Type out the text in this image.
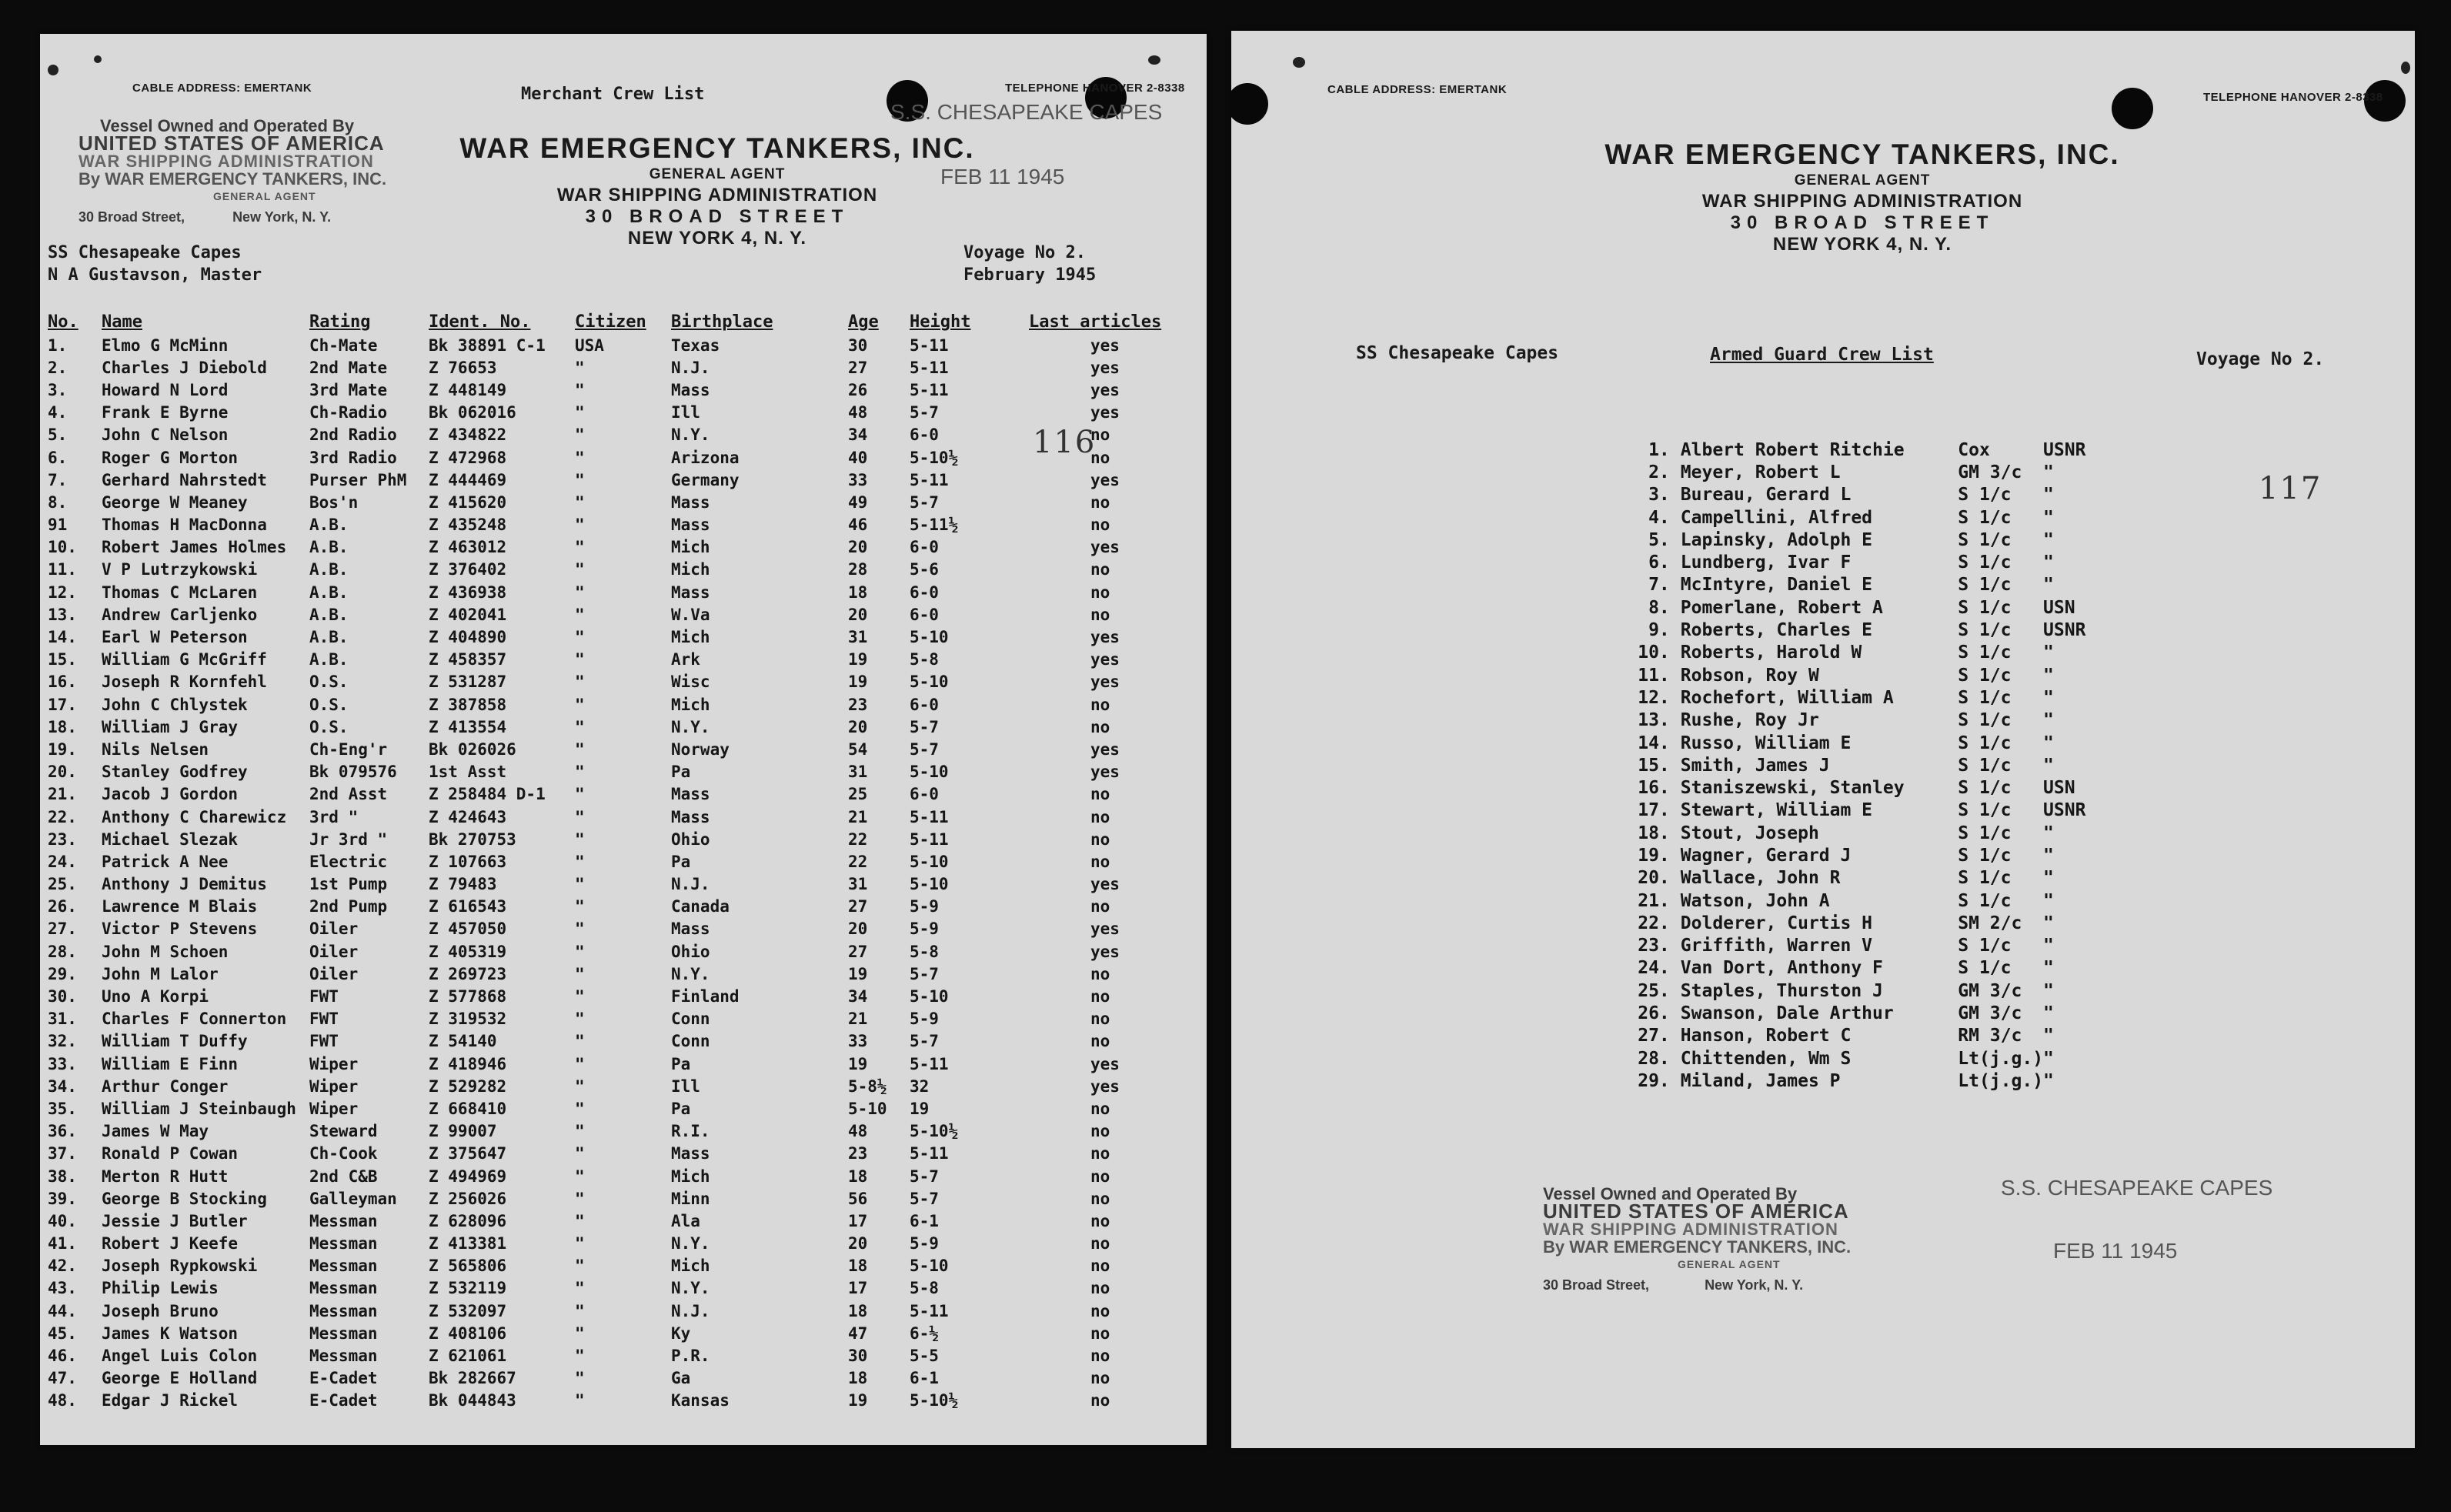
CABLE ADDRESS: EMERTANK	TELEPHONE HANOVER 2-8338
Merchant Crew List
Vessel Owned and Operated By
UNITED STATES OF AMERICA
WAR SHIPPING ADMINISTRATION
By WAR EMERGENCY TANKERS, INC.
GENERAL AGENT
30 Broad Street,	New York, N. Y.
WAR EMERGENCY TANKERS, INC.
GENERAL AGENT
WAR SHIPPING ADMINISTRATION
30 BROAD STREET
NEW YORK 4, N. Y.
S.S. CHESAPEAKE CAPES
FEB 11 1945
SS Chesapeake Capes
N A Gustavson, Master
Voyage No 2.
February 1945
116
No.	Name	Rating	Ident. No.	Citizen	Birthplace	Age	Height	Last articles
1.	Elmo G McMinn	Ch-Mate	Bk 38891 C-1	USA	Texas	30	5-11	yes
2.	Charles J Diebold	2nd Mate	Z 76653	"	N.J.	27	5-11	yes
3.	Howard N Lord	3rd Mate	Z 448149	"	Mass	26	5-11	yes
4.	Frank E Byrne	Ch-Radio	Bk 062016	"	Ill	48	5-7	yes
5.	John C Nelson	2nd Radio	Z 434822	"	N.Y.	34	6-0	no
6.	Roger G Morton	3rd Radio	Z 472968	"	Arizona	40	5-10½	no
7.	Gerhard Nahrstedt	Purser PhM	Z 444469	"	Germany	33	5-11	yes
8.	George W Meaney	Bos'n	Z 415620	"	Mass	49	5-7	no
91	Thomas H MacDonna	A.B.	Z 435248	"	Mass	46	5-11½	no
10.	Robert James Holmes	A.B.	Z 463012	"	Mich	20	6-0	yes
11.	V P Lutrzykowski	A.B.	Z 376402	"	Mich	28	5-6	no
12.	Thomas C McLaren	A.B.	Z 436938	"	Mass	18	6-0	no
13.	Andrew Carljenko	A.B.	Z 402041	"	W.Va	20	6-0	no
14.	Earl W Peterson	A.B.	Z 404890	"	Mich	31	5-10	yes
15.	William G McGriff	A.B.	Z 458357	"	Ark	19	5-8	yes
16.	Joseph R Kornfehl	O.S.	Z 531287	"	Wisc	19	5-10	yes
17.	John C Chlystek	O.S.	Z 387858	"	Mich	23	6-0	no
18.	William J Gray	O.S.	Z 413554	"	N.Y.	20	5-7	no
19.	Nils Nelsen	Ch-Eng'r	Bk 026026	"	Norway	54	5-7	yes
20.	Stanley Godfrey	Bk 079576	1st Asst	"	Pa	31	5-10	yes
21.	Jacob J Gordon	2nd Asst	Z 258484 D-1	"	Mass	25	6-0	no
22.	Anthony C Charewicz	3rd "	Z 424643	"	Mass	21	5-11	no
23.	Michael Slezak	Jr 3rd "	Bk 270753	"	Ohio	22	5-11	no
24.	Patrick A Nee	Electric	Z 107663	"	Pa	22	5-10	no
25.	Anthony J Demitus	1st Pump	Z 79483	"	N.J.	31	5-10	yes
26.	Lawrence M Blais	2nd Pump	Z 616543	"	Canada	27	5-9	no
27.	Victor P Stevens	Oiler	Z 457050	"	Mass	20	5-9	yes
28.	John M Schoen	Oiler	Z 405319	"	Ohio	27	5-8	yes
29.	John M Lalor	Oiler	Z 269723	"	N.Y.	19	5-7	no
30.	Uno A Korpi	FWT	Z 577868	"	Finland	34	5-10	no
31.	Charles F Connerton	FWT	Z 319532	"	Conn	21	5-9	no
32.	William T Duffy	FWT	Z 54140	"	Conn	33	5-7	no
33.	William E Finn	Wiper	Z 418946	"	Pa	19	5-11	yes
34.	Arthur Conger	Wiper	Z 529282	"	Ill	5-8½	32	yes
35.	William J Steinbaugh	Wiper	Z 668410	"	Pa	5-10	19	no
36.	James W May	Steward	Z 99007	"	R.I.	48	5-10½	no
37.	Ronald P Cowan	Ch-Cook	Z 375647	"	Mass	23	5-11	no
38.	Merton R Hutt	2nd C&B	Z 494969	"	Mich	18	5-7	no
39.	George B Stocking	Galleyman	Z 256026	"	Minn	56	5-7	no
40.	Jessie J Butler	Messman	Z 628096	"	Ala	17	6-1	no
41.	Robert J Keefe	Messman	Z 413381	"	N.Y.	20	5-9	no
42.	Joseph Rypkowski	Messman	Z 565806	"	Mich	18	5-10	no
43.	Philip Lewis	Messman	Z 532119	"	N.Y.	17	5-8	no
44.	Joseph Bruno	Messman	Z 532097	"	N.J.	18	5-11	no
45.	James K Watson	Messman	Z 408106	"	Ky	47	6-½	no
46.	Angel Luis Colon	Messman	Z 621061	"	P.R.	30	5-5	no
47.	George E Holland	E-Cadet	Bk 282667	"	Ga	18	6-1	no
48.	Edgar J Rickel	E-Cadet	Bk 044843	"	Kansas	19	5-10½	no
CABLE ADDRESS: EMERTANK
TELEPHONE HANOVER 2-8338
WAR EMERGENCY TANKERS, INC.
GENERAL AGENT
WAR SHIPPING ADMINISTRATION
30 BROAD STREET
NEW YORK 4, N. Y.
SS Chesapeake Capes	Armed Guard Crew List	Voyage No 2.
117
1.	Albert Robert Ritchie	Cox	USNR
2.	Meyer, Robert L	GM 3/c	"
3.	Bureau, Gerard L	S 1/c	"
4.	Campellini, Alfred	S 1/c	"
5.	Lapinsky, Adolph E	S 1/c	"
6.	Lundberg, Ivar F	S 1/c	"
7.	McIntyre, Daniel E	S 1/c	"
8.	Pomerlane, Robert A	S 1/c	USN
9.	Roberts, Charles E	S 1/c	USNR
10.	Roberts, Harold W	S 1/c	"
11.	Robson, Roy W	S 1/c	"
12.	Rochefort, William A	S 1/c	"
13.	Rushe, Roy Jr	S 1/c	"
14.	Russo, William E	S 1/c	"
15.	Smith, James J	S 1/c	"
16.	Staniszewski, Stanley	S 1/c	USN
17.	Stewart, William E	S 1/c	USNR
18.	Stout, Joseph	S 1/c	"
19.	Wagner, Gerard J	S 1/c	"
20.	Wallace, John R	S 1/c	"
21.	Watson, John A	S 1/c	"
22.	Dolderer, Curtis H	SM 2/c	"
23.	Griffith, Warren V	S 1/c	"
24.	Van Dort, Anthony F	S 1/c	"
25.	Staples, Thurston J	GM 3/c	"
26.	Swanson, Dale Arthur	GM 3/c	"
27.	Hanson, Robert C	RM 3/c	"
28.	Chittenden, Wm S	Lt(j.g.)	"
29.	Miland, James P	Lt(j.g.)	"
Vessel Owned and Operated By
UNITED STATES OF AMERICA
WAR SHIPPING ADMINISTRATION
By WAR EMERGENCY TANKERS, INC.
GENERAL AGENT
30 Broad Street,	New York, N. Y.
S.S. CHESAPEAKE CAPES
FEB 11 1945
